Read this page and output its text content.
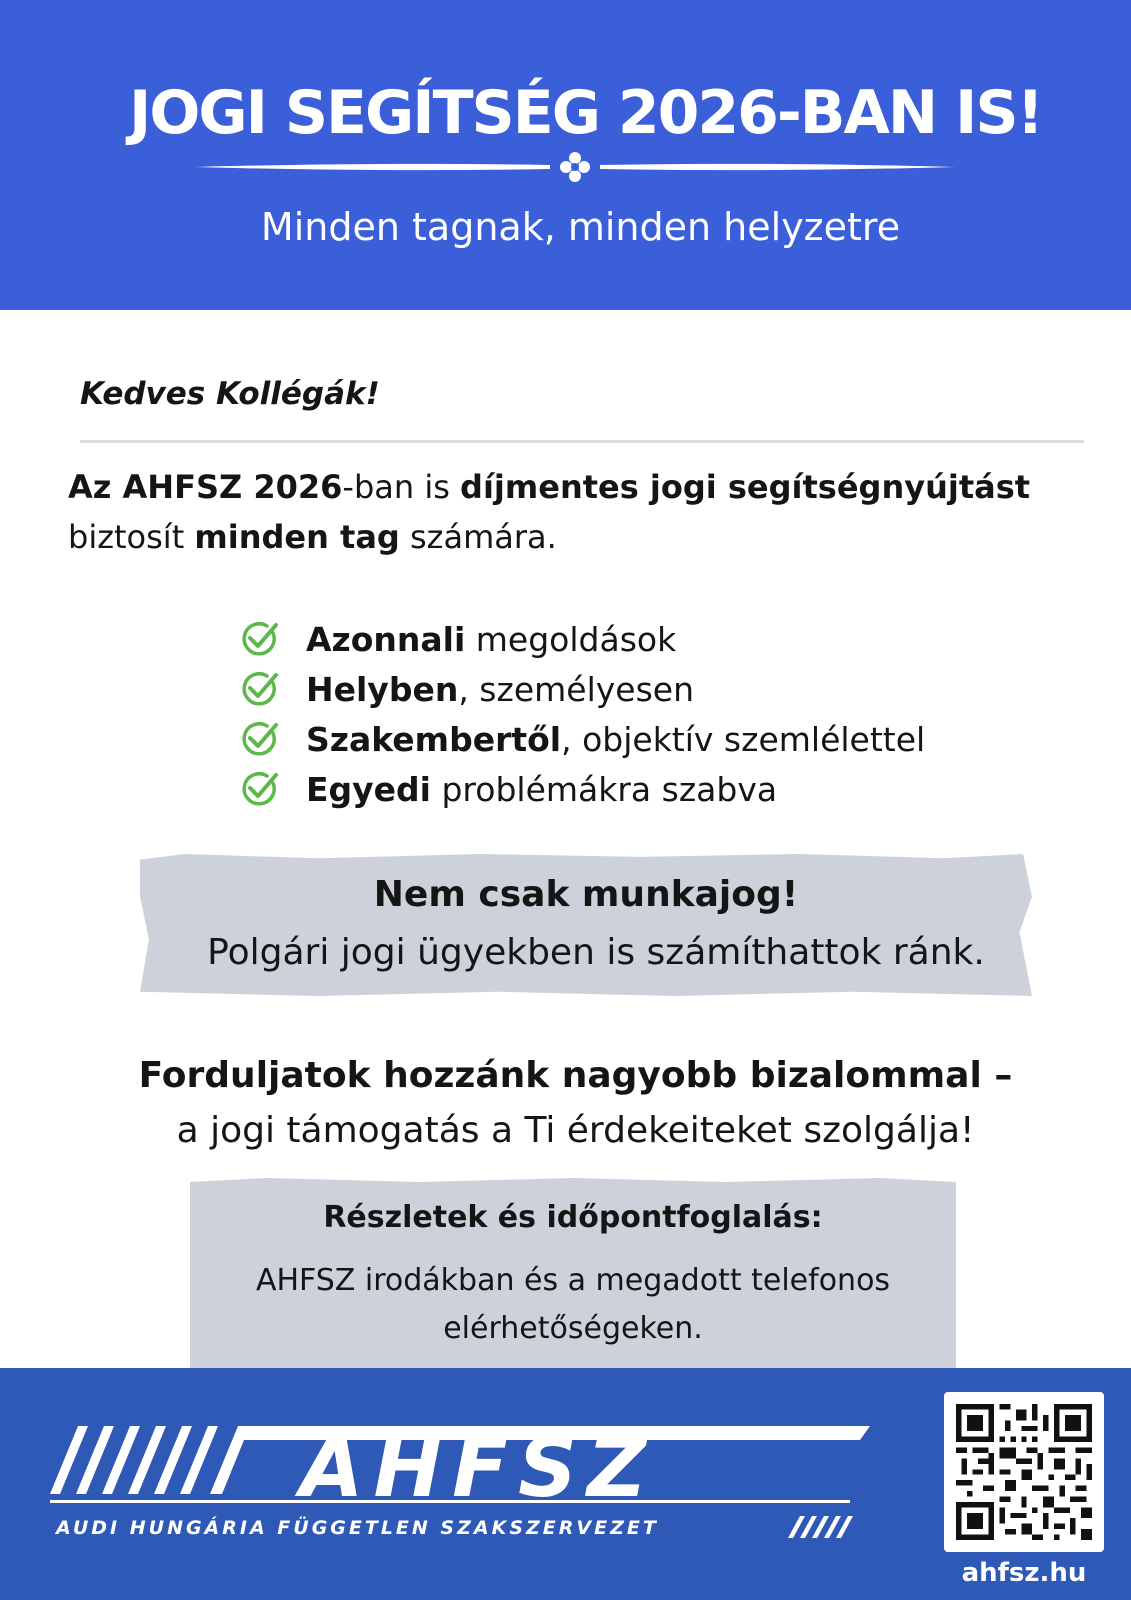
JOGI SEGÍTSÉG 2026-BAN IS!
Minden tagnak, minden helyzetre
Kedves Kollégák!
Az AHFSZ 2026-ban is díjmentes jogi segítségnyújtást biztosít minden tag számára.
Azonnali megoldások
Helyben, személyesen
Szakembertől, objektív szemlélettel
Egyedi problémákra szabva
Nem csak munkajog!
Polgári jogi ügyekben is számíthattok ránk.
Forduljatok hozzánk nagyobb bizalommal –
a jogi támogatás a Ti érdekeiteket szolgálja!
Részletek és időpontfoglalás:
AHFSZ irodákban és a megadott telefonos elérhetőségeken.
AHFSZ
AUDI HUNGÁRIA FÜGGETLEN SZAKSZERVEZET
ahfsz.hu
